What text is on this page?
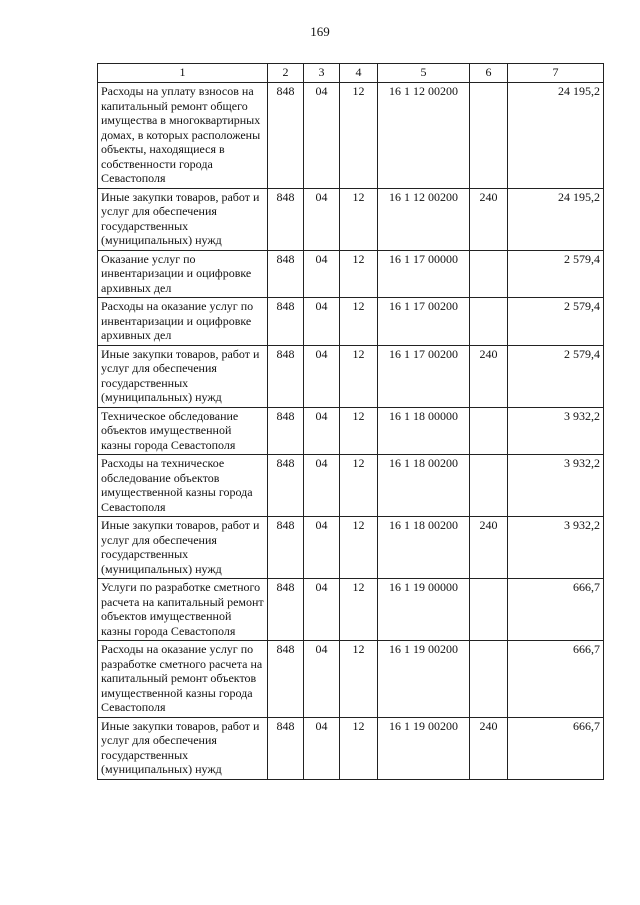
169
1	2	3	4	5	6	7
Расходы на уплату взносов на капитальный ремонт общего имущества в многоквартирных домах, в которых расположены объекты, находящиеся в собственности города Севастополя	848	04	12	16 1 12 00200		24 195,2
Иные закупки товаров, работ и услуг для обеспечения государственных (муниципальных) нужд	848	04	12	16 1 12 00200	240	24 195,2
Оказание услуг по инвентаризации и оцифровке архивных дел	848	04	12	16 1 17 00000		2 579,4
Расходы на оказание услуг по инвентаризации и оцифровке архивных дел	848	04	12	16 1 17 00200		2 579,4
Иные закупки товаров, работ и услуг для обеспечения государственных (муниципальных) нужд	848	04	12	16 1 17 00200	240	2 579,4
Техническое обследование объектов имущественной казны города Севастополя	848	04	12	16 1 18 00000		3 932,2
Расходы на техническое обследование объектов имущественной казны города Севастополя	848	04	12	16 1 18 00200		3 932,2
Иные закупки товаров, работ и услуг для обеспечения государственных (муниципальных) нужд	848	04	12	16 1 18 00200	240	3 932,2
Услуги по разработке сметного расчета на капитальный ремонт объектов имущественной казны города Севастополя	848	04	12	16 1 19 00000		666,7
Расходы на оказание услуг по разработке сметного расчета на капитальный ремонт объектов имущественной казны города Севастополя	848	04	12	16 1 19 00200		666,7
Иные закупки товаров, работ и услуг для обеспечения государственных (муниципальных) нужд	848	04	12	16 1 19 00200	240	666,7
